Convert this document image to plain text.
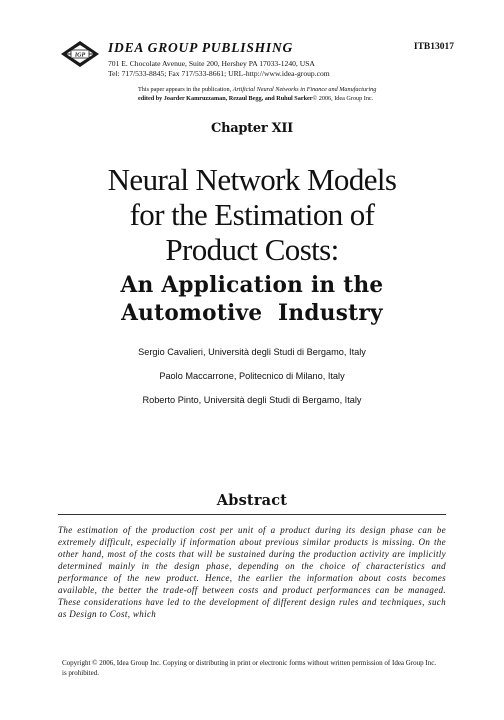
IGP
IDEA GROUP PUBLISHING
701 E. Chocolate Avenue, Suite 200, Hershey PA 17033-1240, USA
Tel: 717/533-8845; Fax 717/533-8661; URL-http://www.idea-group.com
ITB13017
This paper appears in the publication, Artificial Neural Networks in Finance and Manufacturing
edited by Joarder Kamruzzaman, Rezaul Begg, and Ruhul Sarker© 2006, Idea Group Inc.
Chapter XII
Neural Network Models
for the Estimation of
Product Costs:
An Application in the
Automotive  Industry
Sergio Cavalieri, Università degli Studi di Bergamo, Italy
Paolo Maccarrone, Politecnico di Milano, Italy
Roberto Pinto, Università degli Studi di Bergamo, Italy
Abstract
The estimation of the production cost per unit of a product during its design phase can be extremely difficult, especially if information about previous similar products is missing. On the other hand, most of the costs that will be sustained during the production activity are implicitly determined mainly in the design phase, depending on the choice of characteristics and performance of the new product. Hence, the earlier the information about costs becomes available, the better the trade-off between costs and product performances can be managed. These considerations have led to the development of different design rules and techniques, such as Design to Cost, which
Copyright © 2006, Idea Group Inc. Copying or distributing in print or electronic forms without written permission of Idea Group Inc. is prohibited.
